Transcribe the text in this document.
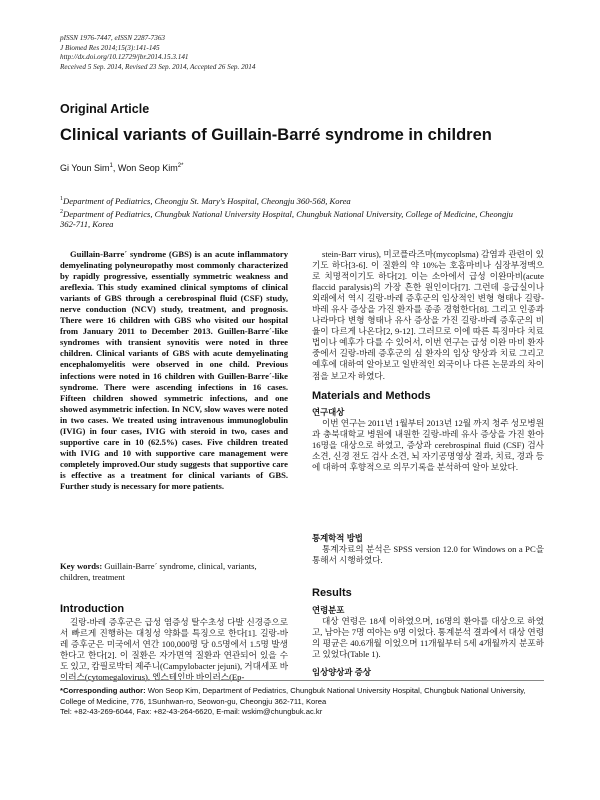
pISSN 1976-7447, eISSN 2287-7363
J Biomed Res 2014;15(3):141-145
http://dx.doi.org/10.12729/jbr.2014.15.3.141
Received 5 Sep. 2014, Revised 23 Sep. 2014, Accepted 26 Sep. 2014
Original Article
Clinical variants of Guillain-Barré syndrome in children
Gi Youn Sim$^1$, Won Seop Kim$^{2*}$
$^1$Department of Pediatrics, Cheongju St. Mary's Hospital, Cheongju 360-568, Korea
$^2$Department of Pediatrics, Chungbuk National University Hospital, Chungbuk National University, College of Medicine, Cheongju 362-711, Korea
Guillain-Barre´ syndrome (GBS) is an acute inflammatory demyelinating polyneuropathy most commonly characterized by rapidly progressive, essentially symmetric weakness and areflexia. This study examined clinical symptoms of clinical variants of GBS through a cerebrospinal fluid (CSF) study, nerve conduction (NCV) study, treatment, and prognosis. There were 16 children with GBS who visited our hospital from January 2011 to December 2013. Guillen-Barre´-like syndromes with transient synovitis were noted in three children. Clinical variants of GBS with acute demyelinating encephalomyelitis were observed in one child. Previous infections were noted in 16 children with Guillen-Barre´-like syndrome. There were ascending infections in 16 cases. Fifteen children showed symmetric infections, and one showed asymmetric infection. In NCV, slow waves were noted in two cases. We treated using intravenous immunoglobulin (IVIG) in four cases, IVIG with steroid in two, cases and supportive care in 10 (62.5%) cases. Five children treated with IVIG and 10 with supportive care management were completely improved.Our study suggests that supportive care is effective as a treatment for clinical variants of GBS. Further study is necessary for more patients.
Key words: Guillain-Barre´ syndrome, clinical, variants, children, treatment
Introduction
길랑-바레 증후군은 급성 염증성 탈수초성 다발 신경증으로서 빠르게 진행하는 대칭성 약화를 특징으로 한다[1]. 길랑-바레 증후군은 미국에서 연간 100,000명 당 0.5명에서 1.5명 발생한다고 한다[2]. 이 질환은 자가면역 질환과 연관되어 있을 수도 있고, 캄필로박터 제주니(Campylobacter jejuni), 거대세포 바이러스(cytomegalovirus), 엡스테인바 바이러스(Ep-
stein-Barr virus), 미코플라즈마(mycoplsma) 감염과 관련이 있기도 하다[3-6]. 이 질환의 약 10%는 호흡마비나 심장부정맥으로 치명적이기도 하다[2]. 이는 소아에서 급성 이완마비(acute flaccid paralysis)의 가장 흔한 원인이다[7]. 그런데 응급실이나 외래에서 역시 길랑-바레 증후군의 임상적인 변형 형태나 길랑-바레 유사 증상을 가진 환자를 종종 경험한다[8]. 그리고 인종과 나라마다 변형 형태나 유사 증상을 가진 길랑-바레 증후군의 비율이 다르게 나온다[2, 9-12]. 그러므로 이에 따른 특징마다 치료법이나 예후가 다를 수 있어서, 이번 연구는 급성 이완 마비 환자 중에서 길랑-바레 증후군의 심 환자의 임상 양상과 치료 그리고 예후에 대하여 알아보고 일반적인 외국이나 다른 논문과의 차이점을 보고자 하였다.
Materials and Methods
연구대상
이번 연구는 2011년 1월부터 2013년 12월 까지 청주 성모병원과 충북대학교 병원에 내원한 길랑-바레 유사 증상을 가진 환아 16명을 대상으로 하였고, 증상과 cerebrospinal fluid (CSF) 검사 소견, 신경 전도 검사 소견, 뇌 자기공명영상 결과, 치료, 경과 등에 대하여 후향적으로 의무기록을 분석하여 알아 보았다.
통계학적 방법
통계자료의 분석은 SPSS version 12.0 for Windows on a PC을 통해서 시행하였다.
Results
연령분포
대상 연령은 18세 이하였으며, 16명의 환아를 대상으로 하였고, 남아는 7명 여아는 9명 이었다. 통계분석 결과에서 대상 연령의 평균은 40.6개월 이었으며 11개월부터 5세 4개월까지 분포하고 있었다(Table 1).
임상양상과 증상
*Corresponding author: Won Seop Kim, Department of Pediatrics, Chungbuk National University Hospital, Chungbuk National University, College of Medicine, 776, 1Sunhwan-ro, Seowon-gu, Cheongju 362-711, Korea
Tel: +82-43-269-6044, Fax: +82-43-264-6620, E-mail: wskim@chungbuk.ac.kr
